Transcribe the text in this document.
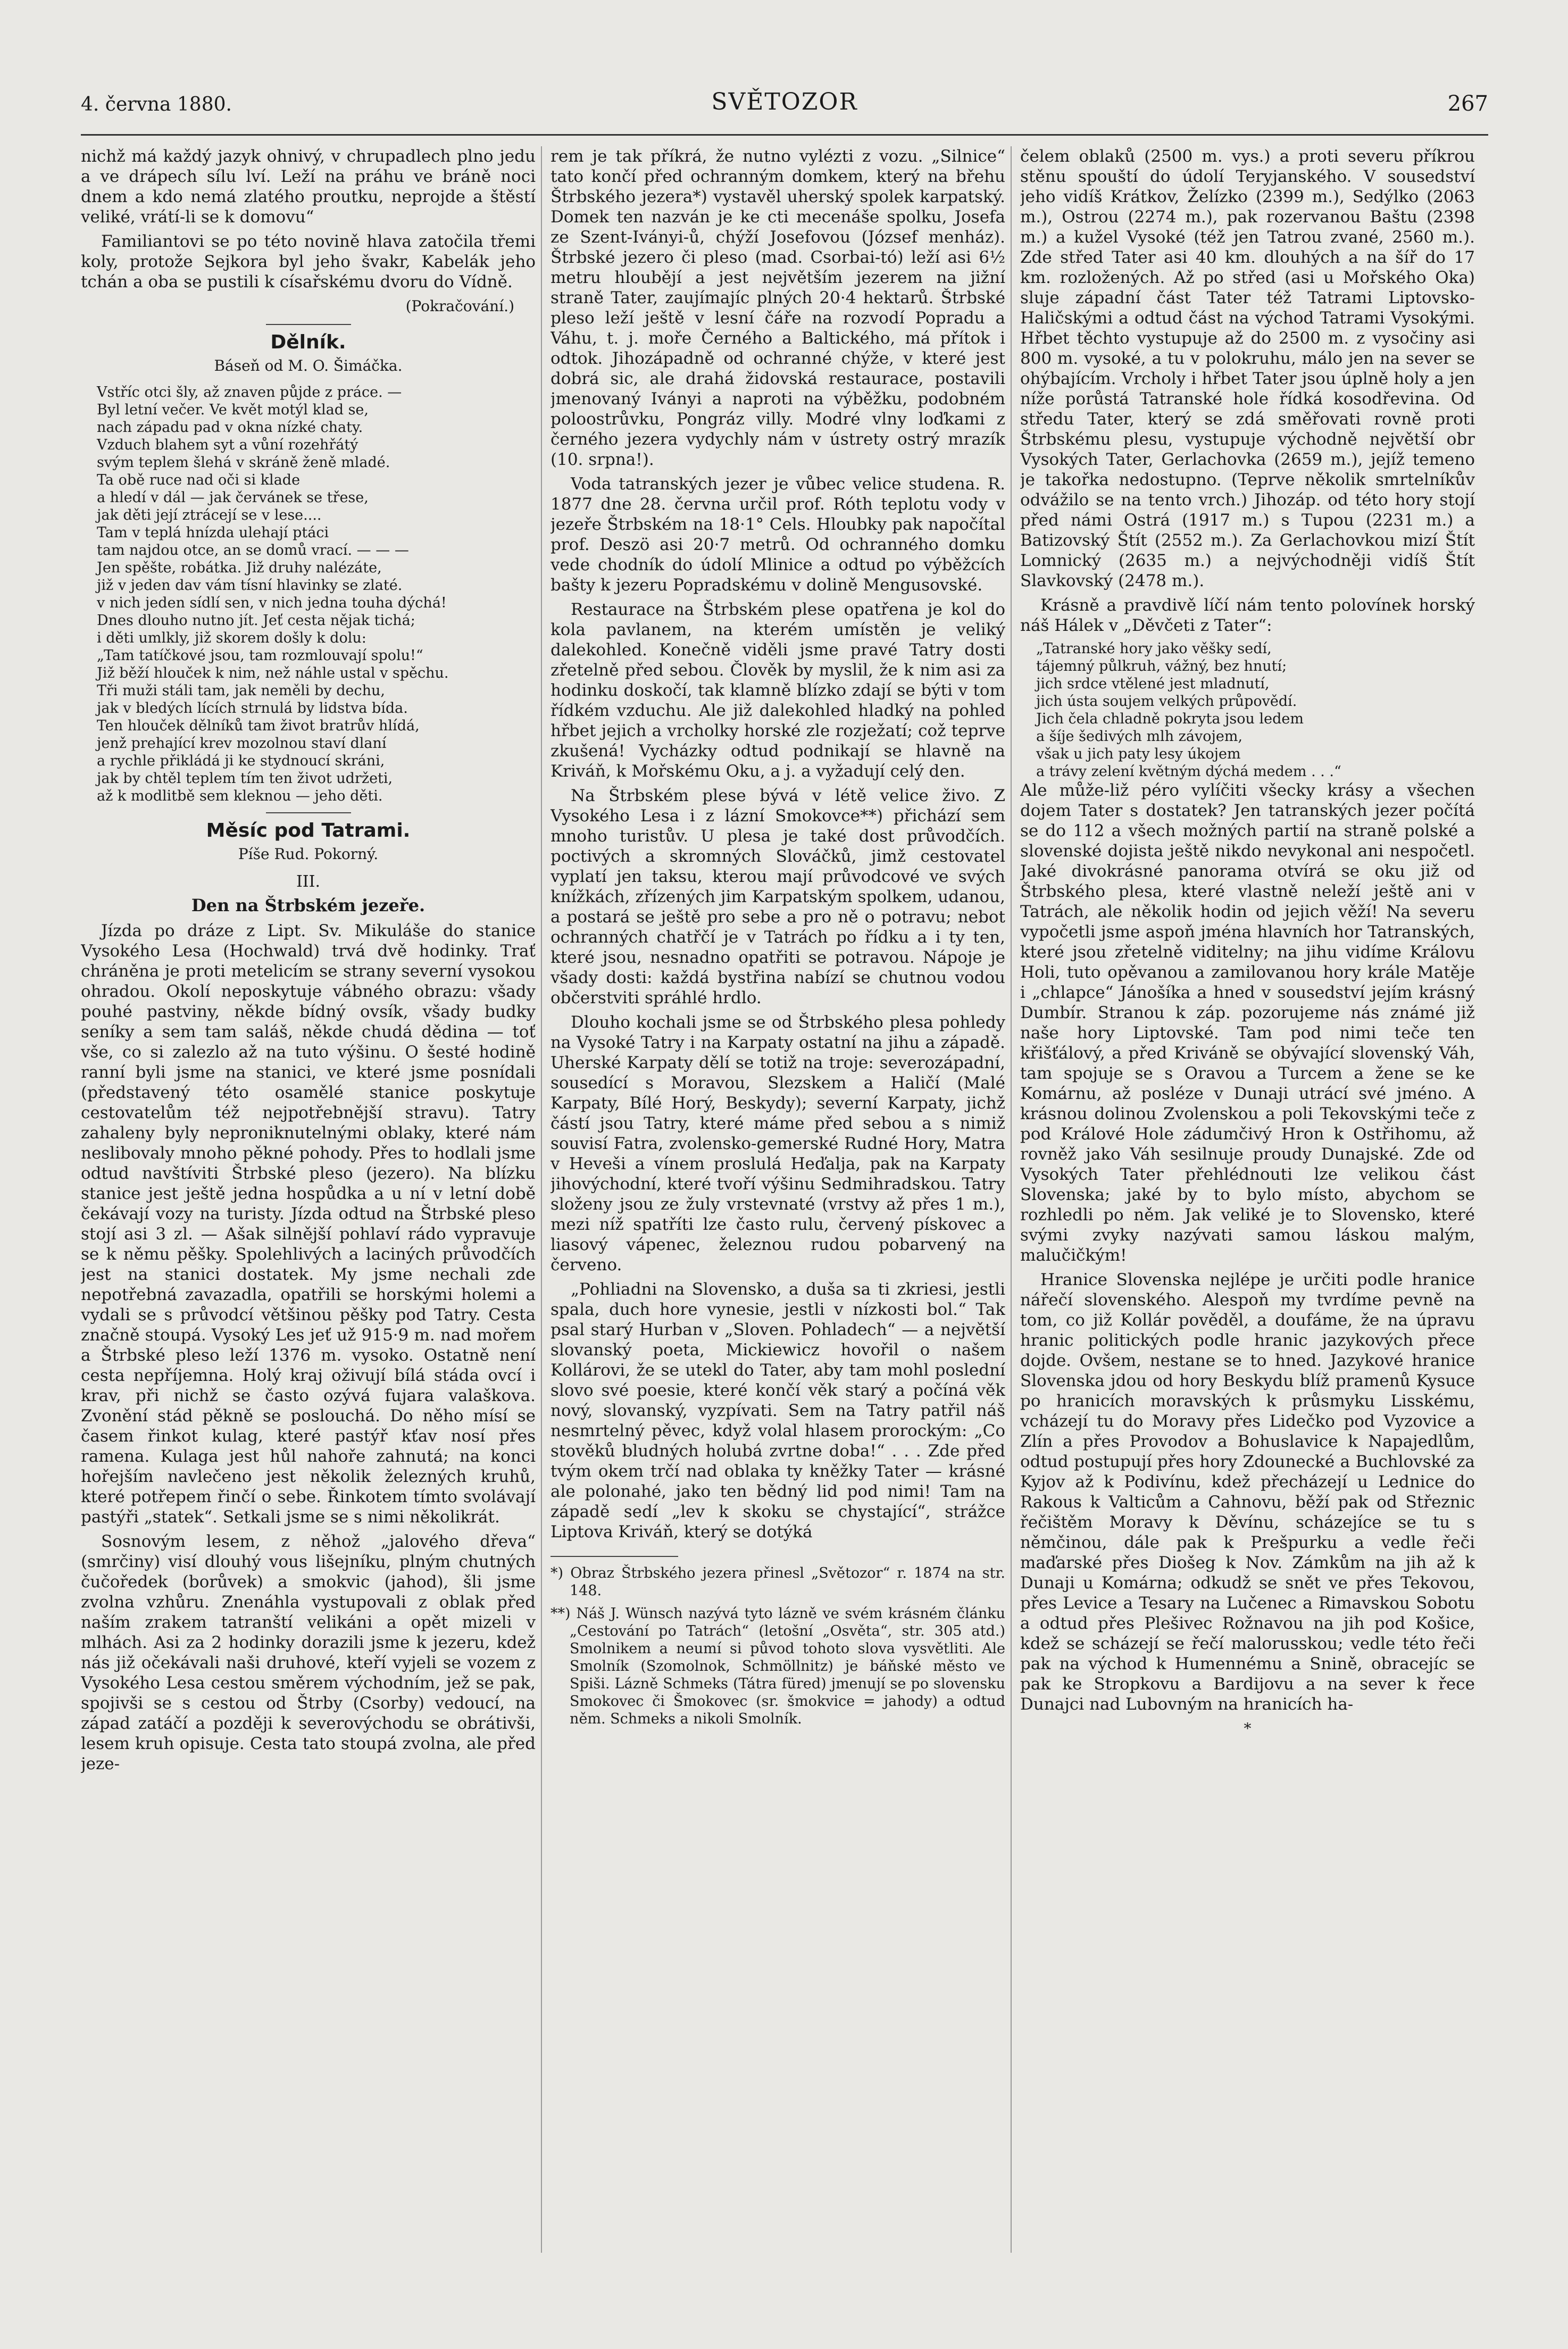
4. června 1880.	SVĚTOZOR	267

nichž má každý jazyk ohnivý, v chrupadlech plno jedu a ve drápech sílu lví. Leží na práhu ve bráně noci dnem a kdo nemá zlatého proutku, neprojde a štěstí veliké, vrátí-li se k domovu“

Familiantovi se po této novině hlava zatočila třemi koly, protože Sejkora byl jeho švakr, Kabelák jeho tchán a oba se pustili k císařskému dvoru do Vídně.

(Pokračování.)
Dělník.
Báseň od M. O. Šimáčka.
Vstříc otci šly, až znaven půjde z práce. —
Byl letní večer. Ve květ motýl klad se,
nach západu pad v okna nízké chaty.
Vzduch blahem syt a vůní rozehřátý
svým teplem šlehá v skráně ženě mladé.
Ta obě ruce nad oči si klade
a hledí v dál — jak červánek se třese,
jak děti její ztrácejí se v lese....
Tam v teplá hnízda ulehají ptáci
tam najdou otce, an se domů vrací. — — —
Jen spěšte, robátka. Již druhy nalézáte,
již v jeden dav vám tísní hlavinky se zlaté.
v nich jeden sídlí sen, v nich jedna touha dýchá!
Dnes dlouho nutno jít. Jeť cesta nějak tichá;
i děti umlkly, již skorem došly k dolu:
„Tam tatíčkové jsou, tam rozmlouvají spolu!“
Již běží hlouček k nim, než náhle ustal v spěchu.
Tři muži stáli tam, jak neměli by dechu,
jak v bledých lících strnulá by lidstva bída.
Ten hlouček dělníků tam život bratrův hlídá,
jenž prehající krev mozolnou staví dlaní
a rychle přikládá ji ke stydnoucí skráni,
jak by chtěl teplem tím ten život udržeti,
až k modlitbě sem kleknou — jeho děti.
Měsíc pod Tatrami.
Píše Rud. Pokorný.
III.
Den na Štrbském jezeře.

Jízda po dráze z Lipt. Sv. Mikuláše do stanice Vysokého Lesa (Hochwald) trvá dvě hodinky. Trať chráněna je proti metelicím se strany severní vysokou ohradou. Okolí neposkytuje vábného obrazu: všady pouhé pastviny, někde bídný ovsík, všady budky seníky a sem tam saláš, někde chudá dědina — toť vše, co si zalezlo až na tuto výšinu. O šesté hodině ranní byli jsme na stanici, ve které jsme posnídali (představený této osamělé stanice poskytuje cestovatelům též nejpotřebnější stravu). Tatry zahaleny byly neproniknutelnými oblaky, které nám neslibovaly mnoho pěkné pohody. Přes to hodlali jsme odtud navštíviti Štrbské pleso (jezero). Na blízku stanice jest ještě jedna hospůdka a u ní v letní době čekávají vozy na turisty. Jízda odtud na Štrbské pleso stojí asi 3 zl. — Ašak silnější pohlaví rádo vypravuje se k němu pěšky. Spolehlivých a laciných průvodčích jest na stanici dostatek. My jsme nechali zde nepotřebná zavazadla, opatřili se horskými holemi a vydali se s průvodcí většinou pěšky pod Tatry. Cesta značně stoupá. Vysoký Les jeť už 915·9 m. nad mořem a Štrbské pleso leží 1376 m. vysoko. Ostatně není cesta nepříjemna. Holý kraj oživují bílá stáda ovcí i krav, při nichž se často ozývá fujara valaškova. Zvonění stád pěkně se poslouchá. Do něho mísí se časem řinkot kulag, které pastýř kťav nosí přes ramena. Kulaga jest hůl nahoře zahnutá; na konci hořejším navlečeno jest několik železných kruhů, které potřepem řinčí o sebe. Řinkotem tímto svolávají pastýři „statek“. Setkali jsme se s nimi několikrát.

Sosnovým lesem, z něhož „jalového dřeva“ (smrčiny) visí dlouhý vous lišejníku, plným chutných čučoředek (borůvek) a smokvic (jahod), šli jsme zvolna vzhůru. Znenáhla vystupovali z oblak před naším zrakem tatranští velikáni a opět mizeli v mlhách. Asi za 2 hodinky dorazili jsme k jezeru, kdež nás již očekávali naši druhové, kteří vyjeli se vozem z Vysokého Lesa cestou směrem východním, jež se pak, spojivši se s cestou od Štrby (Csorby) vedoucí, na západ zatáčí a později k severovýchodu se obrátivši, lesem kruh opisuje. Cesta tato stoupá zvolna, ale před jeze-

rem je tak příkrá, že nutno vylézti z vozu. „Silnice“ tato končí před ochranným domkem, který na břehu Štrbského jezera*) vystavěl uherský spolek karpatský. Domek ten nazván je ke cti mecenáše spolku, Josefa ze Szent-Iványi-ů, chýží Josefovou (József menház). Štrbské jezero či pleso (mad. Csorbai-tó) leží asi 6½ metru hloubějí a jest největším jezerem na jižní straně Tater, zaujímajíc plných 20·4 hektarů. Štrbské pleso leží ještě v lesní čáře na rozvodí Popradu a Váhu, t. j. moře Černého a Baltického, má přítok i odtok. Jihozápadně od ochranné chýže, v které jest dobrá sic, ale drahá židovská restaurace, postavili jmenovaný Iványi a naproti na výběžku, podobném poloostrůvku, Pongráz villy. Modré vlny loďkami z černého jezera vydychly nám v ústrety ostrý mrazík (10. srpna!).

Voda tatranských jezer je vůbec velice studena. R. 1877 dne 28. června určil prof. Róth teplotu vody v jezeře Štrbském na 18·1° Cels. Hloubky pak napočítal prof. Deszö asi 20·7 metrů. Od ochranného domku vede chodník do údolí Mlinice a odtud po výběžcích bašty k jezeru Popradskému v dolině Mengusovské.

Restaurace na Štrbském plese opatřena je kol do kola pavlanem, na kterém umístěn je veliký dalekohled. Konečně viděli jsme pravé Tatry dosti zřetelně před sebou. Člověk by myslil, že k nim asi za hodinku doskočí, tak klamně blízko zdají se býti v tom řídkém vzduchu. Ale již dalekohled hladký na pohled hřbet jejich a vrcholky horské zle rozježatí; což teprve zkušená! Vycházky odtud podnikají se hlavně na Kriváň, k Mořskému Oku, a j. a vyžadují celý den.

Na Štrbském plese bývá v létě velice živo. Z Vysokého Lesa i z lázní Smokovce**) přichází sem mnoho turistův. U plesa je také dost průvodčích. poctivých a skromných Slováčků, jimž cestovatel vyplatí jen taksu, kterou mají průvodcové ve svých knížkách, zřízených jim Karpatským spolkem, udanou, a postará se ještě pro sebe a pro ně o potravu; nebot ochranných chatřčí je v Tatrách po řídku a i ty ten, které jsou, nesnadno opatřiti se potravou. Nápoje je všady dosti: každá bystřina nabízí se chutnou vodou občerstviti spráhlé hrdlo.

Dlouho kochali jsme se od Štrbského plesa pohledy na Vysoké Tatry i na Karpaty ostatní na jihu a západě. Uherské Karpaty dělí se totiž na troje: severozápadní, sousedící s Moravou, Slezskem a Haličí (Malé Karpaty, Bílé Horý, Beskydy); severní Karpaty, jichž částí jsou Tatry, které máme před sebou a s nimiž souvisí Fatra, zvolensko-gemerské Rudné Hory, Matra v Heveši a vínem proslulá Heďalja, pak na Karpaty jihovýchodní, které tvoří výšinu Sedmihradskou. Tatry složeny jsou ze žuly vrstevnaté (vrstvy až přes 1 m.), mezi níž spatříti lze často rulu, červený pískovec a liasový vápenec, železnou rudou pobarvený na červeno.

„Pohliadni na Slovensko, a duša sa ti zkriesi, jestli spala, duch hore vynesie, jestli v nízkosti bol.“ Tak psal starý Hurban v „Sloven. Pohladech“ — a největší slovanský poeta, Mickiewicz hovořil o našem Kollárovi, že se utekl do Tater, aby tam mohl poslední slovo své poesie, které končí věk starý a počíná věk nový, slovanský, vyzpívati. Sem na Tatry patřil náš nesmrtelný pěvec, když volal hlasem prorockým: „Co stověků bludných holubá zvrtne doba!“ . . . Zde před tvým okem trčí nad oblaka ty kněžky Tater — krásné ale polonahé, jako ten bědný lid pod nimi! Tam na západě sedí „lev k skoku se chystající“, strážce Liptova Kriváň, který se dotýká

*) Obraz Štrbského jezera přinesl „Světozor“ r. 1874 na str. 148.
**) Náš J. Wünsch nazývá tyto lázně ve svém krásném článku „Cestování po Tatrách“ (letošní „Osvěta“, str. 305 atd.) Smolnikem a neumí si původ tohoto slova vysvětliti. Ale Smolník (Szomolnok, Schmöllnitz) je báňské město ve Spiši. Lázně Schmeks (Tátra füred) jmenují se po slovensku Smokovec či Šmokovec (sr. šmokvice = jahody) a odtud něm. Schmeks a nikoli Smolník.

čelem oblaků (2500 m. vys.) a proti severu příkrou stěnu spouští do údolí Teryjanského. V sousedství jeho vidíš Krátkov, Želízko (2399 m.), Sedýlko (2063 m.), Ostrou (2274 m.), pak rozervanou Baštu (2398 m.) a kužel Vysoké (též jen Tatrou zvané, 2560 m.). Zde střed Tater asi 40 km. dlouhých a na šíř do 17 km. rozložených. Až po střed (asi u Mořského Oka) sluje západní část Tater též Tatrami Liptovsko-Haličskými a odtud část na východ Tatrami Vysokými. Hřbet těchto vystupuje až do 2500 m. z vysočiny asi 800 m. vysoké, a tu v polokruhu, málo jen na sever se ohýbajícím. Vrcholy i hřbet Tater jsou úplně holy a jen níže porůstá Tatranské hole řídká kosodřevina. Od středu Tater, který se zdá směřovati rovně proti Štrbskému plesu, vystupuje východně největší obr Vysokých Tater, Gerlachovka (2659 m.), jejíž temeno je takořka nedostupno. (Teprve několik smrtelníkův odvážilo se na tento vrch.) Jihozáp. od této hory stojí před námi Ostrá (1917 m.) s Tupou (2231 m.) a Batizovský Štít (2552 m.). Za Gerlachovkou mizí Štít Lomnický (2635 m.) a nejvýchodněji vidíš Štít Slavkovský (2478 m.).

Krásně a pravdivě líčí nám tento polovínek horský náš Hálek v „Děvčeti z Tater“:

„Tatranské hory jako věšky sedí,
tájemný půlkruh, vážný, bez hnutí;
jich srdce vtělené jest mladnutí,
jich ústa soujem velkých průpovědí.
Jich čela chladně pokryta jsou ledem
a šíje šedivých mlh závojem,
však u jich paty lesy úkojem
a trávy zelení květným dýchá medem . . .“

Ale může-liž péro vylíčiti všecky krásy a všechen dojem Tater s dostatek? Jen tatranských jezer počítá se do 112 a všech možných partií na straně polské a slovenské dojista ještě nikdo nevykonal ani nespočetl. Jaké divokrásné panorama otvírá se oku již od Štrbského plesa, které vlastně neleží ještě ani v Tatrách, ale několik hodin od jejich věží! Na severu vypočetli jsme aspoň jména hlavních hor Tatranských, které jsou zřetelně viditelny; na jihu vidíme Královu Holi, tuto opěvanou a zamilovanou hory krále Matěje i „chlapce“ Jánošíka a hned v sousedství jejím krásný Dumbír. Stranou k záp. pozorujeme nás známé již naše hory Liptovské. Tam pod nimi teče ten křišťálový, a před Kriváně se obývající slovenský Váh, tam spojuje se s Oravou a Turcem a žene se ke Komárnu, až posléze v Dunaji utrácí své jméno. A krásnou dolinou Zvolenskou a poli Tekovskými teče z pod Králové Hole zádumčivý Hron k Ostřihomu, až rovněž jako Váh sesilnuje proudy Dunajské. Zde od Vysokých Tater přehlédnouti lze velikou část Slovenska; jaké by to bylo místo, abychom se rozhledli po něm. Jak veliké je to Slovensko, které svými zvyky nazývati samou láskou malým, malučičkým!

Hranice Slovenska nejlépe je určiti podle hranice nářečí slovenského. Alespoň my tvrdíme pevně na tom, co již Kollár pověděl, a doufáme, že na úpravu hranic politických podle hranic jazykových přece dojde. Ovšem, nestane se to hned. Jazykové hranice Slovenska jdou od hory Beskydu blíž pramenů Kysuce po hranicích moravských k průsmyku Lisskému, vcházejí tu do Moravy přes Lidečko pod Vyzovice a Zlín a přes Provodov a Bohuslavice k Napajedlům, odtud postupují přes hory Zdounecké a Buchlovské za Kyjov až k Podivínu, kdež přecházejí u Lednice do Rakous k Valticům a Cahnovu, běží pak od Střeznic řečištěm Moravy k Děvínu, scházejíce se tu s němčinou, dále pak k Prešpurku a vedle řeči maďarské přes Diošeg k Nov. Zámkům na jih až k Dunaji u Komárna; odkudž se snět ve přes Tekovou, přes Levice a Tesary na Lučenec a Rimavskou Sobotu a odtud přes Plešivec Rožnavou na jih pod Košice, kdež se scházejí se řečí malorusskou; vedle této řeči pak na východ k Humennému a Snině, obracejíc se pak ke Stropkovu a Bardijovu a na sever k řece Dunajci nad Lubovným na hranicích ha-

*
